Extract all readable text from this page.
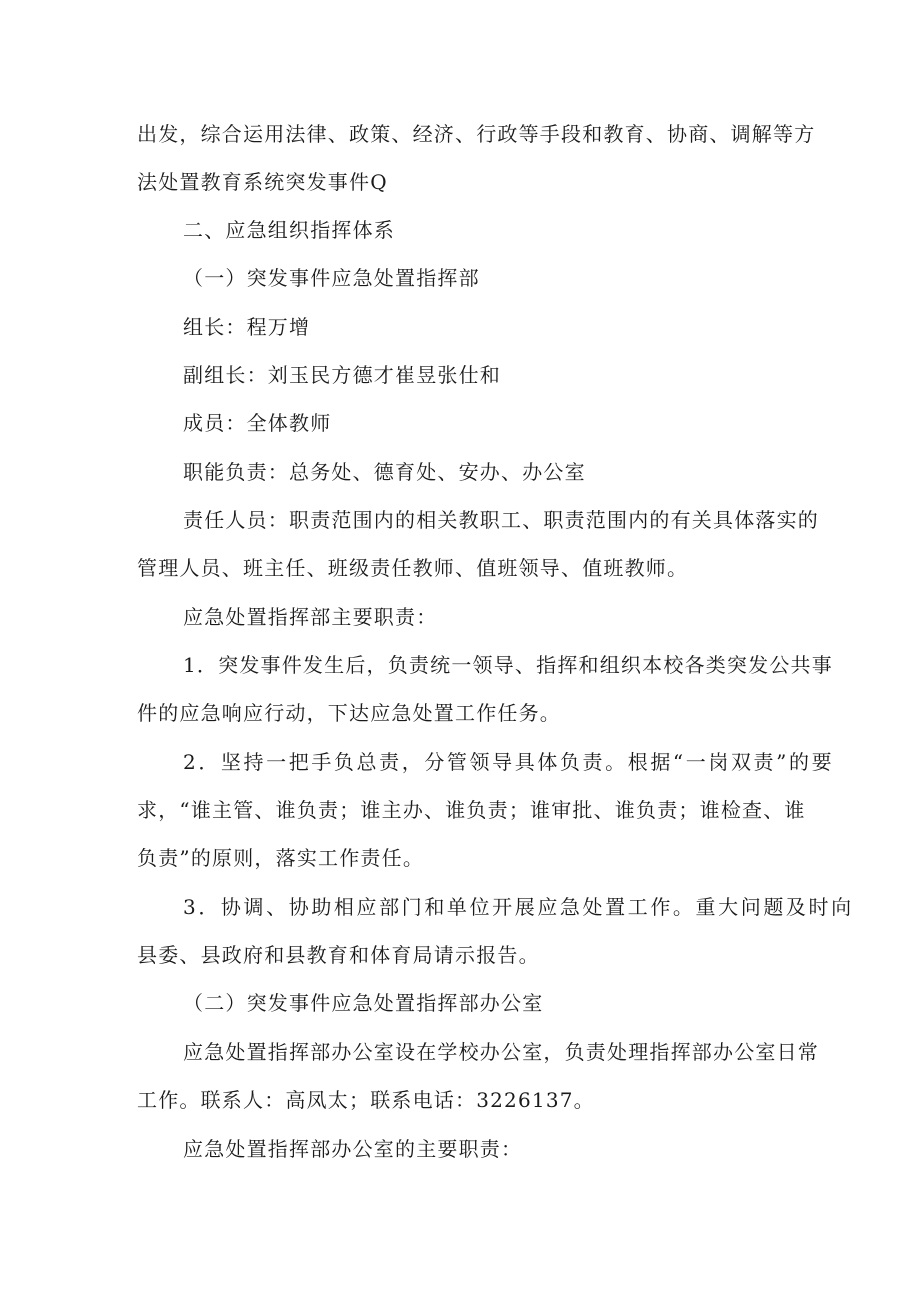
出发，综合运用法律、政策、经济、行政等手段和教育、协商、调解等方
法处置教育系统突发事件Q
二、应急组织指挥体系
（一）突发事件应急处置指挥部
组长：程万增
副组长：刘玉民方德才崔昱张仕和
成员：全体教师
职能负责：总务处、德育处、安办、办公室
责任人员：职责范围内的相关教职工、职责范围内的有关具体落实的
管理人员、班主任、班级责任教师、值班领导、值班教师。
应急处置指挥部主要职责：
1．突发事件发生后，负责统一领导、指挥和组织本校各类突发公共事
件的应急响应行动，下达应急处置工作任务。
2．坚持一把手负总责，分管领导具体负责。根据“一岗双责”的要
求，“谁主管、谁负责；谁主办、谁负责；谁审批、谁负责；谁检查、谁
负责”的原则，落实工作责任。
3．协调、协助相应部门和单位开展应急处置工作。重大问题及时向
县委、县政府和县教育和体育局请示报告。
（二）突发事件应急处置指挥部办公室
应急处置指挥部办公室设在学校办公室，负责处理指挥部办公室日常
工作。联系人：高凤太；联系电话：3226137。
应急处置指挥部办公室的主要职责：
